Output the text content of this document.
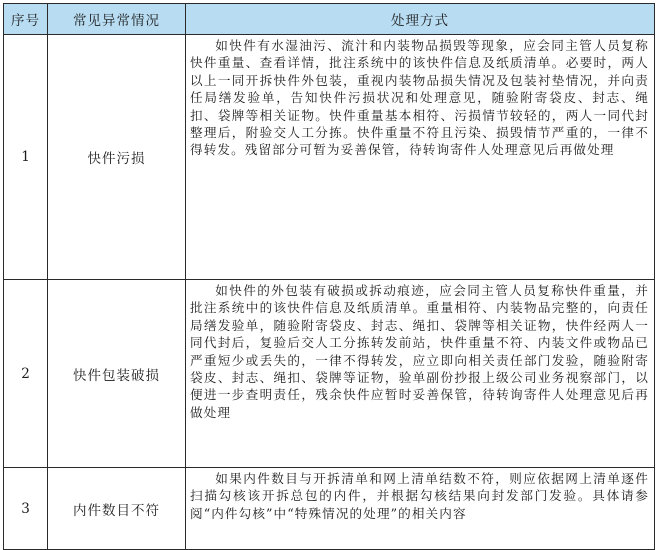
序号	常见异常情况	处理方式
1	快件污损	如快件有水湿油污、流汁和内装物品损毁等现象，应会同主管人员复称快件重量、查看详情，批注系统中的该快件信息及纸质清单。必要时，两人以上一同开拆快件外包装，重视内装物品损失情况及包装衬垫情况，并向责任局缮发验单，告知快件污损状况和处理意见，随验附寄袋皮、封志、绳扣、袋牌等相关证物。快件重量基本相符、污损情节较轻的，两人一同代封整理后，附验交人工分拣。快件重量不符且污染、损毁情节严重的，一律不得转发。残留部分可暂为妥善保管，待转询寄件人处理意见后再做处理

2	快件包装破损	如快件的外包装有破损或拆动痕迹，应会同主管人员复称快件重量，并批注系统中的该快件信息及纸质清单。重量相符、内装物品完整的，向责任局缮发验单，随验附寄袋皮、封志、绳扣、袋牌等相关证物，快件经两人一同代封后，复验后交人工分拣转发前站，快件重量不符、内装文件或物品已严重短少或丢失的，一律不得转发，应立即向相关责任部门发验，随验附寄袋皮、封志、绳扣、袋牌等证物，验单副份抄报上级公司业务视察部门，以便进一步查明责任，残余快件应暂时妥善保管，待转询寄件人处理意见后再做处理

3	内件数目不符	如果内件数目与开拆清单和网上清单结数不符，则应依据网上清单逐件扫描勾核该开拆总包的内件，并根据勾核结果向封发部门发验。具体请参阅“内件勾核”中“特殊情况的处理”的相关内容
